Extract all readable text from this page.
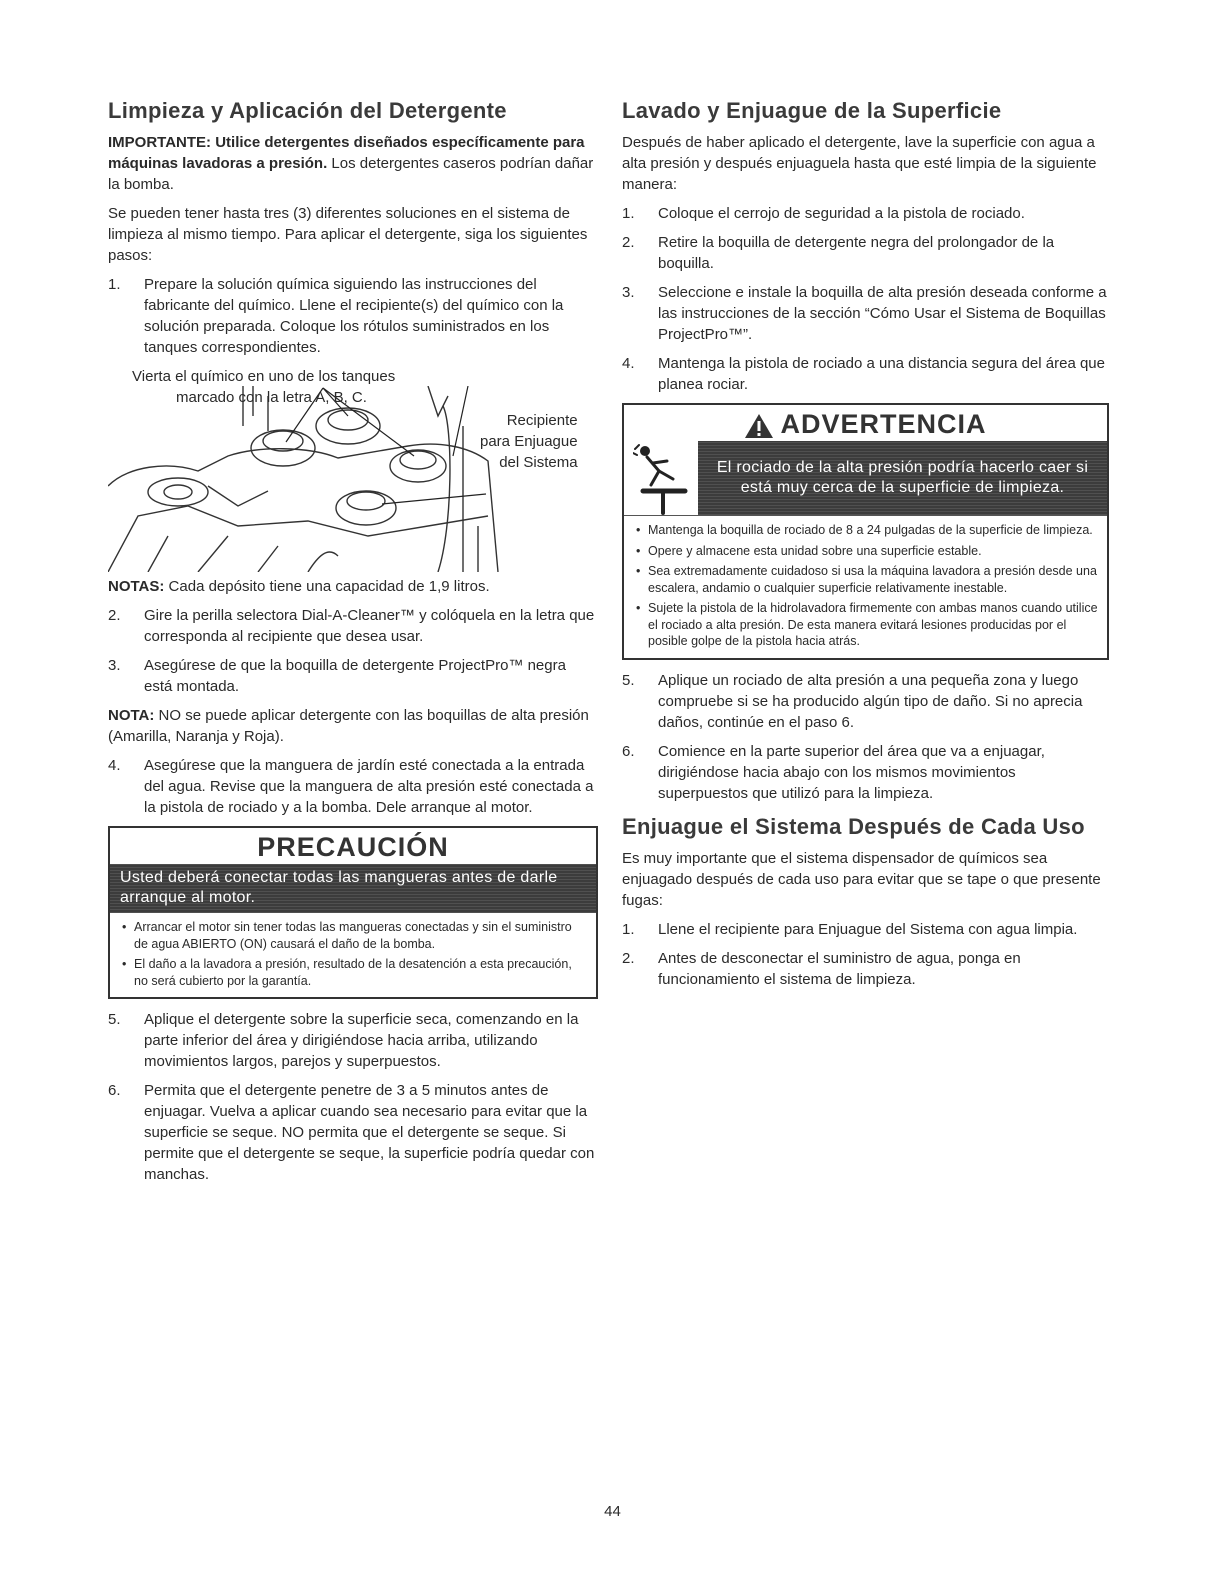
Limpieza y Aplicación del Detergente

IMPORTANTE: Utilice detergentes diseñados específicamente para máquinas lavadoras a presión. Los detergentes caseros podrían dañar la bomba.

Se pueden tener hasta tres (3) diferentes soluciones en el sistema de limpieza al mismo tiempo. Para aplicar el detergente, siga los siguientes pasos:

1.	Prepare la solución química siguiendo las instrucciones del fabricante del químico. Llene el recipiente(s) del químico con la solución preparada. Coloque los rótulos suministrados en los tanques correspondientes.
Vierta el químico en uno de los tanques
marcado con la letra A, B, C.
Recipiente
para Enjuague
del Sistema

NOTAS: Cada depósito tiene una capacidad de 1,9 litros.

2.	Gire la perilla selectora Dial-A-Cleaner™ y colóquela en la letra que corresponda al recipiente que desea usar.
3.	Asegúrese de que la boquilla de detergente ProjectPro™ negra está montada.

NOTA: NO se puede aplicar detergente con las boquillas de alta presión (Amarilla, Naranja y Roja).

4.	Asegúrese que la manguera de jardín esté conectada a la entrada del agua. Revise que la manguera de alta presión esté conectada a la pistola de rociado y a la bomba. Dele arranque al motor.
PRECAUCIÓN
Usted deberá conectar todas las mangueras antes de darle arranque al motor.
• Arrancar el motor sin tener todas las mangueras conectadas y sin el suministro de agua ABIERTO (ON) causará el daño de la bomba.
• El daño a la lavadora a presión, resultado de la desatención a esta precaución, no será cubierto por la garantía.
5.	Aplique el detergente sobre la superficie seca, comenzando en la parte inferior del área y dirigiéndose hacia arriba, utilizando movimientos largos, parejos y superpuestos.
6.	Permita que el detergente penetre de 3 a 5 minutos antes de enjuagar. Vuelva a aplicar cuando sea necesario para evitar que la superficie se seque. NO permita que el detergente se seque. Si permite que el detergente se seque, la superficie podría quedar con manchas.
Lavado y Enjuague de la Superficie

Después de haber aplicado el detergente, lave la superficie con agua a alta presión y después enjuaguela hasta que esté limpia de la siguiente manera:

1.	Coloque el cerrojo de seguridad a la pistola de rociado.
2.	Retire la boquilla de detergente negra del prolongador de la boquilla.
3.	Seleccione e instale la boquilla de alta presión deseada conforme a las instrucciones de la sección “Cómo Usar el Sistema de Boquillas ProjectPro™”.
4.	Mantenga la pistola de rociado a una distancia segura del área que planea rociar.
ADVERTENCIA
El rociado de la alta presión podría hacerlo caer si está muy cerca de la superficie de limpieza.
• Mantenga la boquilla de rociado de 8 a 24 pulgadas de la superficie de limpieza.
• Opere y almacene esta unidad sobre una superficie estable.
• Sea extremadamente cuidadoso si usa la máquina lavadora a presión desde una escalera, andamio o cualquier superficie relativamente inestable.
• Sujete la pistola de la hidrolavadora firmemente con ambas manos cuando utilice el rociado a alta presión. De esta manera evitará lesiones producidas por el posible golpe de la pistola hacia atrás.
5.	Aplique un rociado de alta presión a una pequeña zona y luego compruebe si se ha producido algún tipo de daño. Si no aprecia daños, continúe en el paso 6.
6.	Comience en la parte superior del área que va a enjuagar, dirigiéndose hacia abajo con los mismos movimientos superpuestos que utilizó para la limpieza.
Enjuague el Sistema Después de Cada Uso

Es muy importante que el sistema dispensador de químicos sea enjuagado después de cada uso para evitar que se tape o que presente fugas:

1.	Llene el recipiente para Enjuague del Sistema con agua limpia.
2.	Antes de desconectar el suministro de agua, ponga en funcionamiento el sistema de limpieza.
44
